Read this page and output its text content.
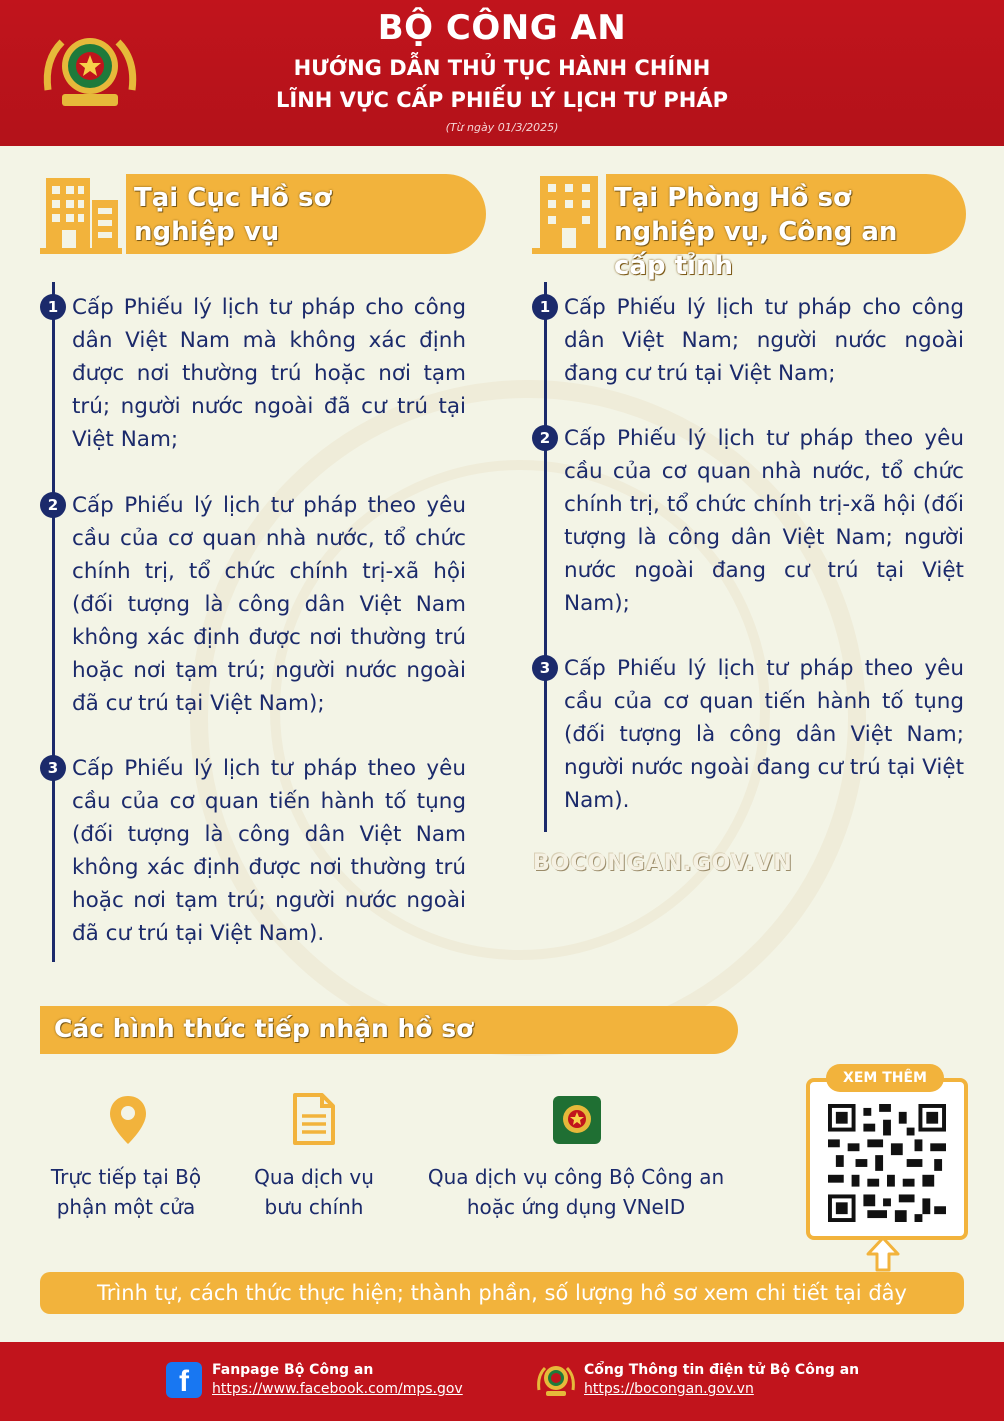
BỘ CÔNG AN
HƯỚNG DẪN THỦ TỤC HÀNH CHÍNH
LĨNH VỰC CẤP PHIẾU LÝ LỊCH TƯ PHÁP
(Từ ngày 01/3/2025)
Tại Cục Hồ sơ nghiệp vụ
1 Cấp Phiếu lý lịch tư pháp cho công dân Việt Nam mà không xác định được nơi thường trú hoặc nơi tạm trú; người nước ngoài đã cư trú tại Việt Nam;
2 Cấp Phiếu lý lịch tư pháp theo yêu cầu của cơ quan nhà nước, tổ chức chính trị, tổ chức chính trị-xã hội (đối tượng là công dân Việt Nam không xác định được nơi thường trú hoặc nơi tạm trú; người nước ngoài đã cư trú tại Việt Nam);
3 Cấp Phiếu lý lịch tư pháp theo yêu cầu của cơ quan tiến hành tố tụng (đối tượng là công dân Việt Nam không xác định được nơi thường trú hoặc nơi tạm trú; người nước ngoài đã cư trú tại Việt Nam).
Tại Phòng Hồ sơ nghiệp vụ, Công an cấp tỉnh
1 Cấp Phiếu lý lịch tư pháp cho công dân Việt Nam; người nước ngoài đang cư trú tại Việt Nam;
2 Cấp Phiếu lý lịch tư pháp theo yêu cầu của cơ quan nhà nước, tổ chức chính trị, tổ chức chính trị-xã hội (đối tượng là công dân Việt Nam; người nước ngoài đang cư trú tại Việt Nam);
3 Cấp Phiếu lý lịch tư pháp theo yêu cầu của cơ quan tiến hành tố tụng (đối tượng là công dân Việt Nam; người nước ngoài đang cư trú tại Việt Nam).
BOCONGAN.GOV.VN
Các hình thức tiếp nhận hồ sơ
Trực tiếp tại Bộ phận một cửa
Qua dịch vụ bưu chính
Qua dịch vụ công Bộ Công an hoặc ứng dụng VNeID
XEM THÊM
Trình tự, cách thức thực hiện; thành phần, số lượng hồ sơ xem chi tiết tại đây
f	Fanpage Bộ Công an
https://www.facebook.com/mps.gov
Cổng Thông tin điện tử Bộ Công an
https://bocongan.gov.vn
